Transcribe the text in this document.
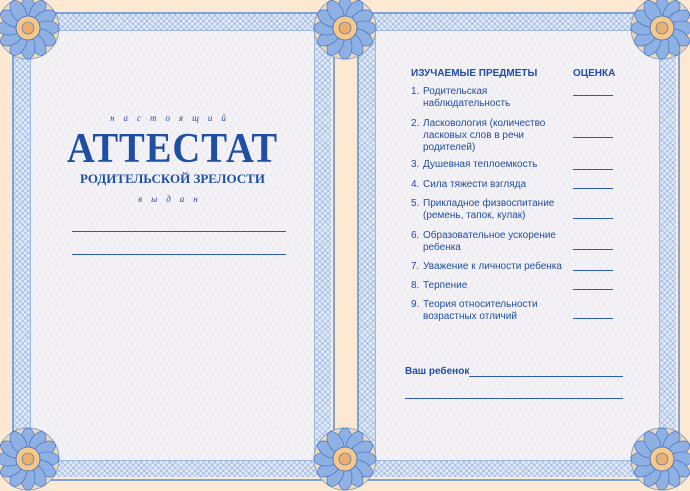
настоящий
АТТЕСТАТ
РОДИТЕЛЬСКОЙ ЗРЕЛОСТИ
выдан
ИЗУЧАЕМЫЕ ПРЕДМЕТЫ	ОЦЕНКА
1. Родительская наблюдательность
2. Ласковология (количество ласковых слов в речи родителей)
3. Душевная теплоемкость
4. Сила тяжести взгляда
5. Прикладное физвоспитание (ремень, тапок, кулак)
6. Образовательное ускорение ребенка
7. Уважение к личности ребенка
8. Терпение
9. Теория относительности возрастных отличий
Ваш ребенок
